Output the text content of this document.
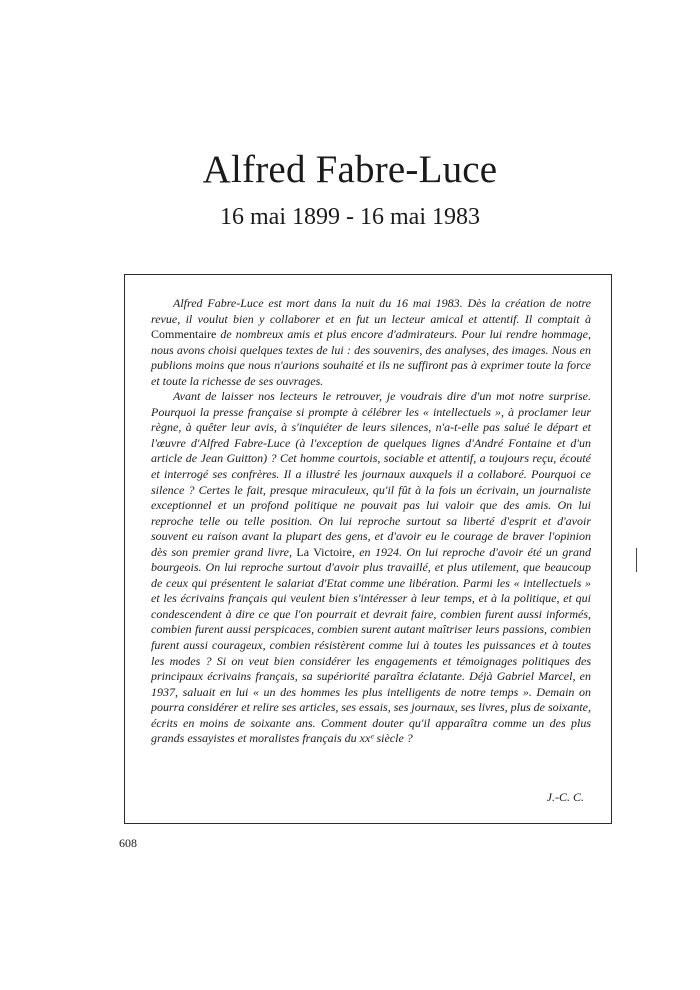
Alfred Fabre-Luce
16 mai 1899 - 16 mai 1983

Alfred Fabre-Luce est mort dans la nuit du 16 mai 1983. Dès la création de notre revue, il voulut bien y collaborer et en fut un lecteur amical et attentif. Il comptait à Commentaire de nombreux amis et plus encore d'admirateurs. Pour lui rendre hommage, nous avons choisi quelques textes de lui : des souvenirs, des analyses, des images. Nous en publions moins que nous n'aurions souhaité et ils ne suffiront pas à exprimer toute la force et toute la richesse de ses ouvrages.

Avant de laisser nos lecteurs le retrouver, je voudrais dire d'un mot notre surprise. Pourquoi la presse française si prompte à célébrer les « intellectuels », à proclamer leur règne, à quêter leur avis, à s'inquiéter de leurs silences, n'a-t-elle pas salué le départ et l'œuvre d'Alfred Fabre-Luce (à l'exception de quelques lignes d'André Fontaine et d'un article de Jean Guitton) ? Cet homme courtois, sociable et attentif, a toujours reçu, écouté et interrogé ses confrères. Il a illustré les journaux auxquels il a collaboré. Pourquoi ce silence ? Certes le fait, presque miraculeux, qu'il fût à la fois un écrivain, un journaliste exceptionnel et un profond politique ne pouvait pas lui valoir que des amis. On lui reproche telle ou telle position. On lui reproche surtout sa liberté d'esprit et d'avoir souvent eu raison avant la plupart des gens, et d'avoir eu le courage de braver l'opinion dès son premier grand livre, La Victoire, en 1924. On lui reproche d'avoir été un grand bourgeois. On lui reproche surtout d'avoir plus travaillé, et plus utilement, que beaucoup de ceux qui présentent le salariat d'Etat comme une libération. Parmi les « intellectuels » et les écrivains français qui veulent bien s'intéresser à leur temps, et à la politique, et qui condescendent à dire ce que l'on pourrait et devrait faire, combien furent aussi informés, combien furent aussi perspicaces, combien surent autant maîtriser leurs passions, combien furent aussi courageux, combien résistèrent comme lui à toutes les puissances et à toutes les modes ? Si on veut bien considérer les engagements et témoignages politiques des principaux écrivains français, sa supériorité paraîtra éclatante. Déjà Gabriel Marcel, en 1937, saluait en lui « un des hommes les plus intelligents de notre temps ». Demain on pourra considérer et relire ses articles, ses essais, ses journaux, ses livres, plus de soixante, écrits en moins de soixante ans. Comment douter qu'il apparaîtra comme un des plus grands essayistes et moralistes français du xxᵉ siècle ?

J.-C. C.
608
